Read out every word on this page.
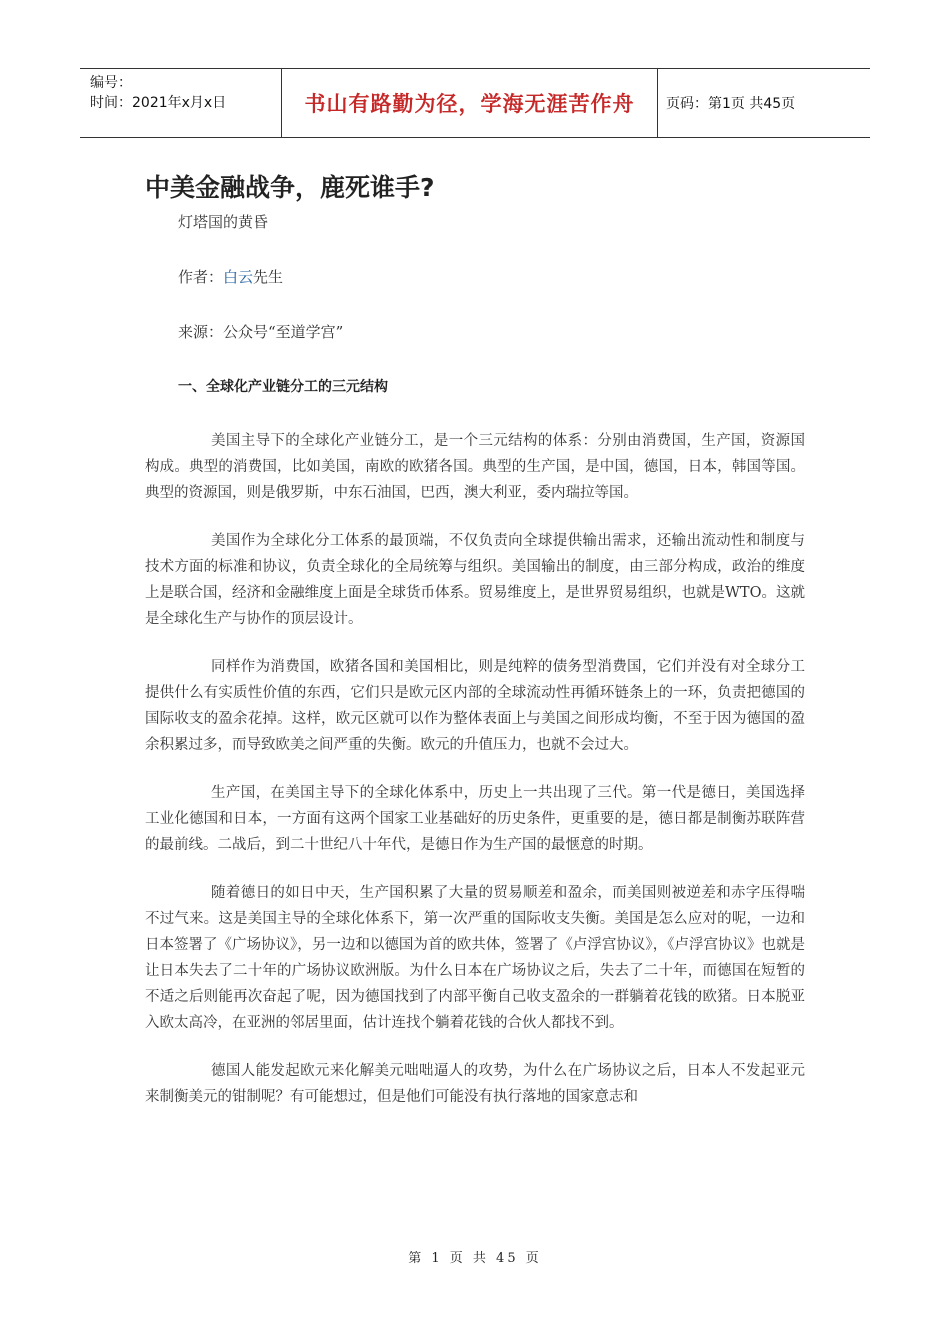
编号：
时间：2021年x月x日	书山有路勤为径，学海无涯苦作舟	页码：第1页 共45页
中美金融战争，鹿死谁手?
灯塔国的黄昏
作者：白云先生
来源：公众号“至道学宫”
一、全球化产业链分工的三元结构

美国主导下的全球化产业链分工，是一个三元结构的体系：分别由消费国，生产国，资源国构成。典型的消费国，比如美国，南欧的欧猪各国。典型的生产国，是中国，德国，日本，韩国等国。典型的资源国，则是俄罗斯，中东石油国，巴西，澳大利亚，委内瑞拉等国。

美国作为全球化分工体系的最顶端，不仅负责向全球提供输出需求，还输出流动性和制度与技术方面的标准和协议，负责全球化的全局统筹与组织。美国输出的制度，由三部分构成，政治的维度上是联合国，经济和金融维度上面是全球货币体系。贸易维度上，是世界贸易组织，也就是WTO。这就是全球化生产与协作的顶层设计。

同样作为消费国，欧猪各国和美国相比，则是纯粹的债务型消费国，它们并没有对全球分工提供什么有实质性价值的东西，它们只是欧元区内部的全球流动性再循环链条上的一环，负责把德国的国际收支的盈余花掉。这样，欧元区就可以作为整体表面上与美国之间形成均衡，不至于因为德国的盈余积累过多，而导致欧美之间严重的失衡。欧元的升值压力，也就不会过大。

生产国，在美国主导下的全球化体系中，历史上一共出现了三代。第一代是德日，美国选择工业化德国和日本，一方面有这两个国家工业基础好的历史条件，更重要的是，德日都是制衡苏联阵营的最前线。二战后，到二十世纪八十年代，是德日作为生产国的最惬意的时期。

随着德日的如日中天，生产国积累了大量的贸易顺差和盈余，而美国则被逆差和赤字压得喘不过气来。这是美国主导的全球化体系下，第一次严重的国际收支失衡。美国是怎么应对的呢，一边和日本签署了《广场协议》，另一边和以德国为首的欧共体，签署了《卢浮宫协议》，《卢浮宫协议》也就是让日本失去了二十年的广场协议欧洲版。为什么日本在广场协议之后，失去了二十年，而德国在短暂的不适之后则能再次奋起了呢，因为德国找到了内部平衡自己收支盈余的一群躺着花钱的欧猪。日本脱亚入欧太高冷，在亚洲的邻居里面，估计连找个躺着花钱的合伙人都找不到。

德国人能发起欧元来化解美元咄咄逼人的攻势，为什么在广场协议之后，日本人不发起亚元来制衡美元的钳制呢？有可能想过，但是他们可能没有执行落地的国家意志和

第 1 页 共 45 页
